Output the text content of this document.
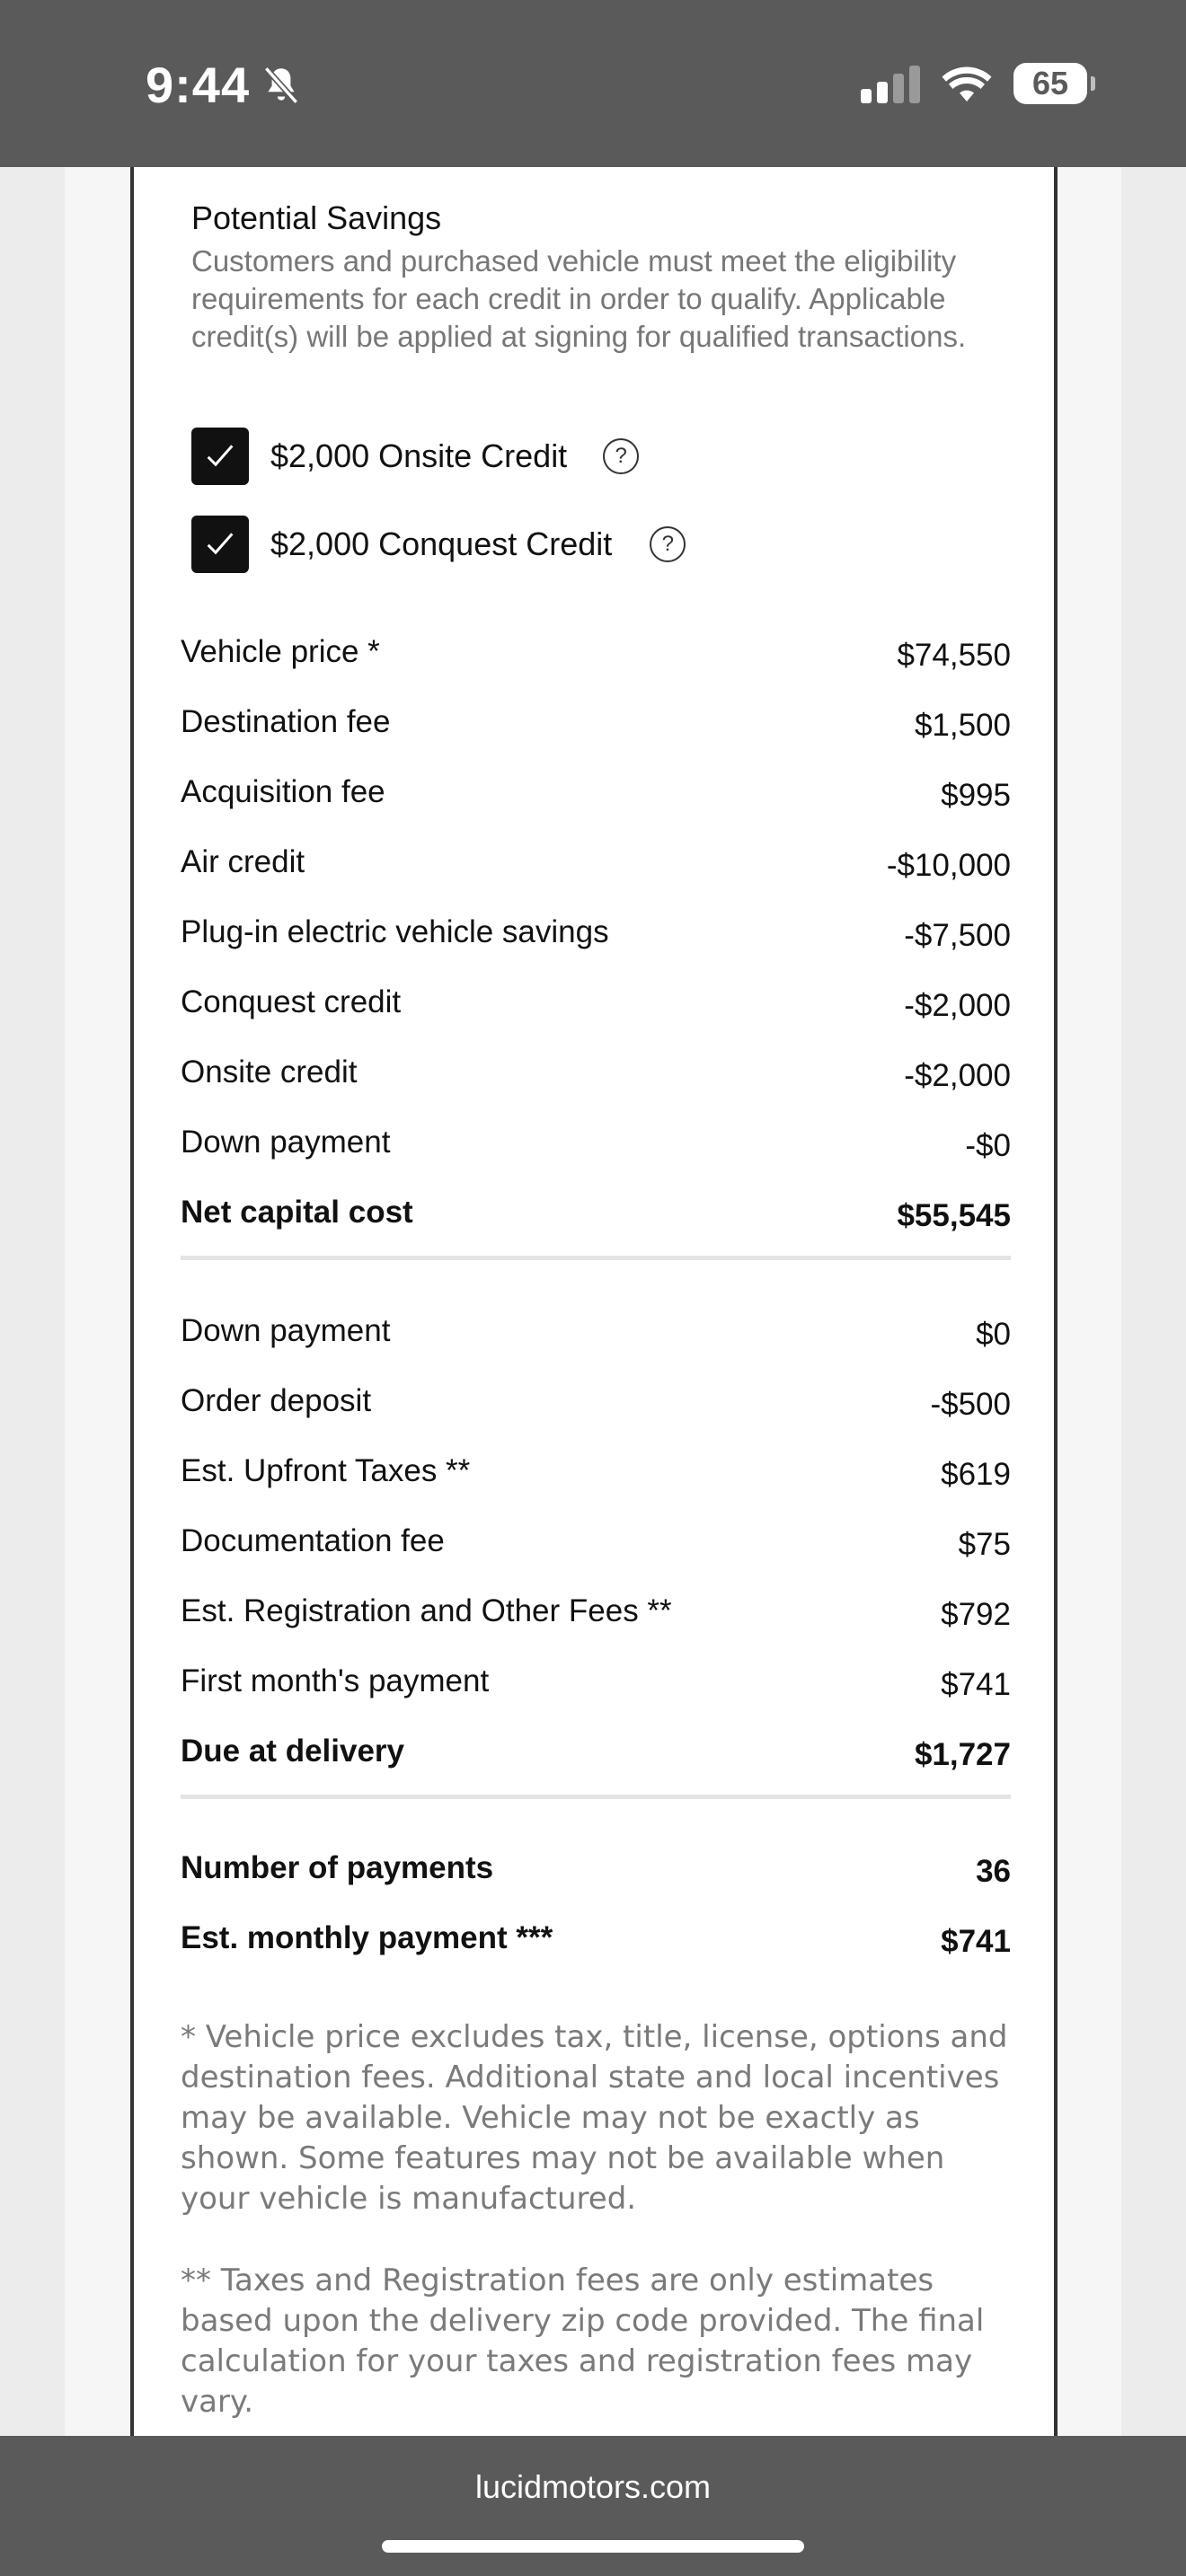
9:44	65

Potential Savings

Customers and purchased vehicle must meet the eligibility requirements for each credit in order to qualify. Applicable credit(s) will be applied at signing for qualified transactions.

$2,000 Onsite Credit	?
$2,000 Conquest Credit	?
Vehicle price *	$74,550
Destination fee	$1,500
Acquisition fee	$995
Air credit	-$10,000
Plug-in electric vehicle savings	-$7,500
Conquest credit	-$2,000
Onsite credit	-$2,000
Down payment	-$0
Net capital cost	$55,545
Down payment	$0
Order deposit	-$500
Est. Upfront Taxes **	$619
Documentation fee	$75
Est. Registration and Other Fees **	$792
First month's payment	$741
Due at delivery	$1,727
Number of payments	36
Est. monthly payment ***	$741

* Vehicle price excludes tax, title, license, options and destination fees. Additional state and local incentives may be available. Vehicle may not be exactly as shown. Some features may not be available when your vehicle is manufactured.

** Taxes and Registration fees are only estimates based upon the delivery zip code provided. The final calculation for your taxes and registration fees may vary.

lucidmotors.com
